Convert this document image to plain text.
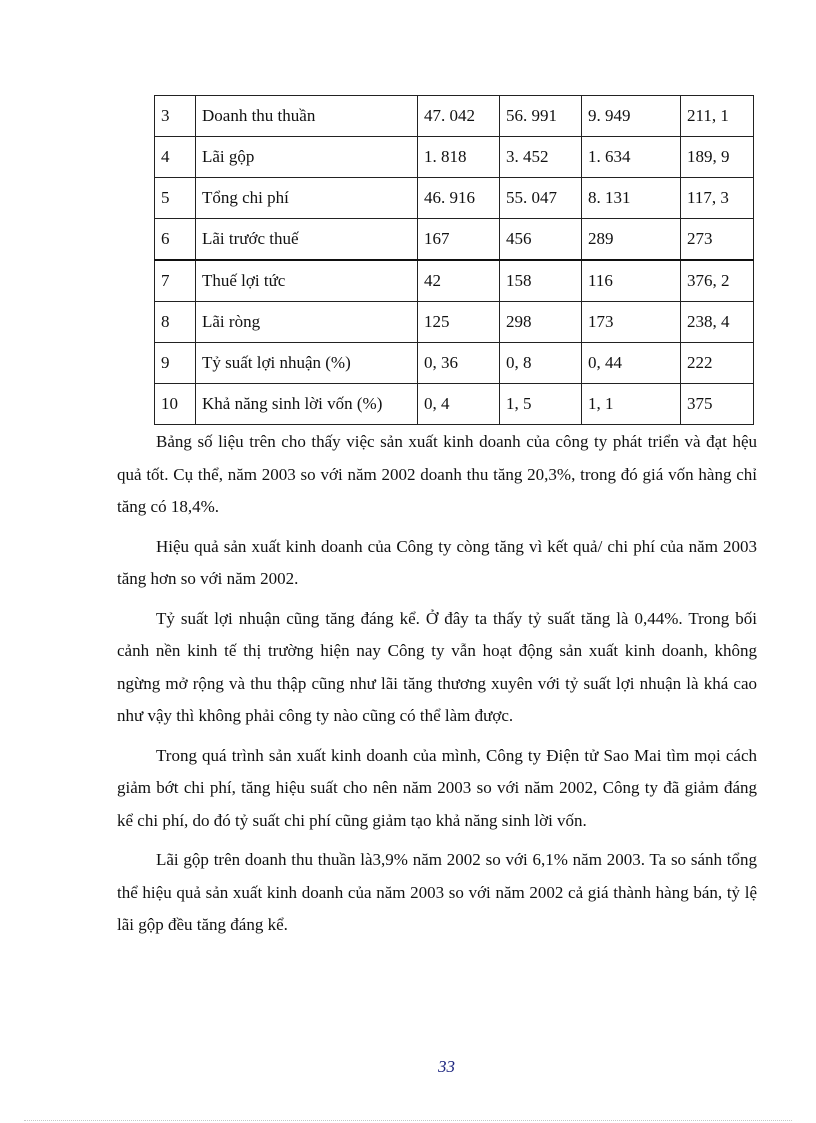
3	Doanh thu thuần	47. 042	56. 991	9. 949	211, 1
4	Lãi gộp	1. 818	3. 452	1. 634	189, 9
5	Tổng chi phí	46. 916	55. 047	8. 131	117, 3
6	Lãi trước thuế	167	456	289	273
7	Thuế lợi tức	42	158	116	376, 2
8	Lãi ròng	125	298	173	238, 4
9	Tỷ suất lợi nhuận (%)	0, 36	0, 8	0, 44	222
10	Khả năng sinh lời vốn (%)	0, 4	1, 5	1, 1	375

Bảng số liệu trên cho thấy việc sản xuất kinh doanh của công ty phát triển và đạt hệu quả tốt. Cụ thể, năm 2003 so với năm 2002 doanh thu tăng 20,3%, trong đó giá vốn hàng chỉ tăng có 18,4%.

Hiệu quả sản xuất kinh doanh của Công ty còng tăng vì kết quả/ chi phí của năm 2003 tăng hơn so với năm 2002.

Tỷ suất lợi nhuận cũng tăng đáng kể. Ở đây ta thấy tỷ suất tăng là 0,44%. Trong bối cảnh nền kinh tế thị trường hiện nay Công ty vẫn hoạt động sản xuất kinh doanh, không ngừng mở rộng và thu thập cũng như lãi tăng thương xuyên với tỷ suất lợi nhuận là khá cao như vậy thì không phải công ty nào cũng có thể làm được.

Trong quá trình sản xuất kinh doanh của mình, Công ty Điện tử Sao Mai tìm mọi cách giảm bớt chi phí, tăng hiệu suất cho nên năm 2003 so với năm 2002, Công ty đã giảm đáng kể chi phí, do đó tỷ suất chi phí cũng giảm tạo khả năng sinh lời vốn.

Lãi gộp trên doanh thu thuần là3,9% năm 2002 so với 6,1% năm 2003. Ta so sánh tổng thể hiệu quả sản xuất kinh doanh của năm 2003 so với năm 2002 cả giá thành hàng bán, tỷ lệ lãi gộp đều tăng đáng kể.

33
